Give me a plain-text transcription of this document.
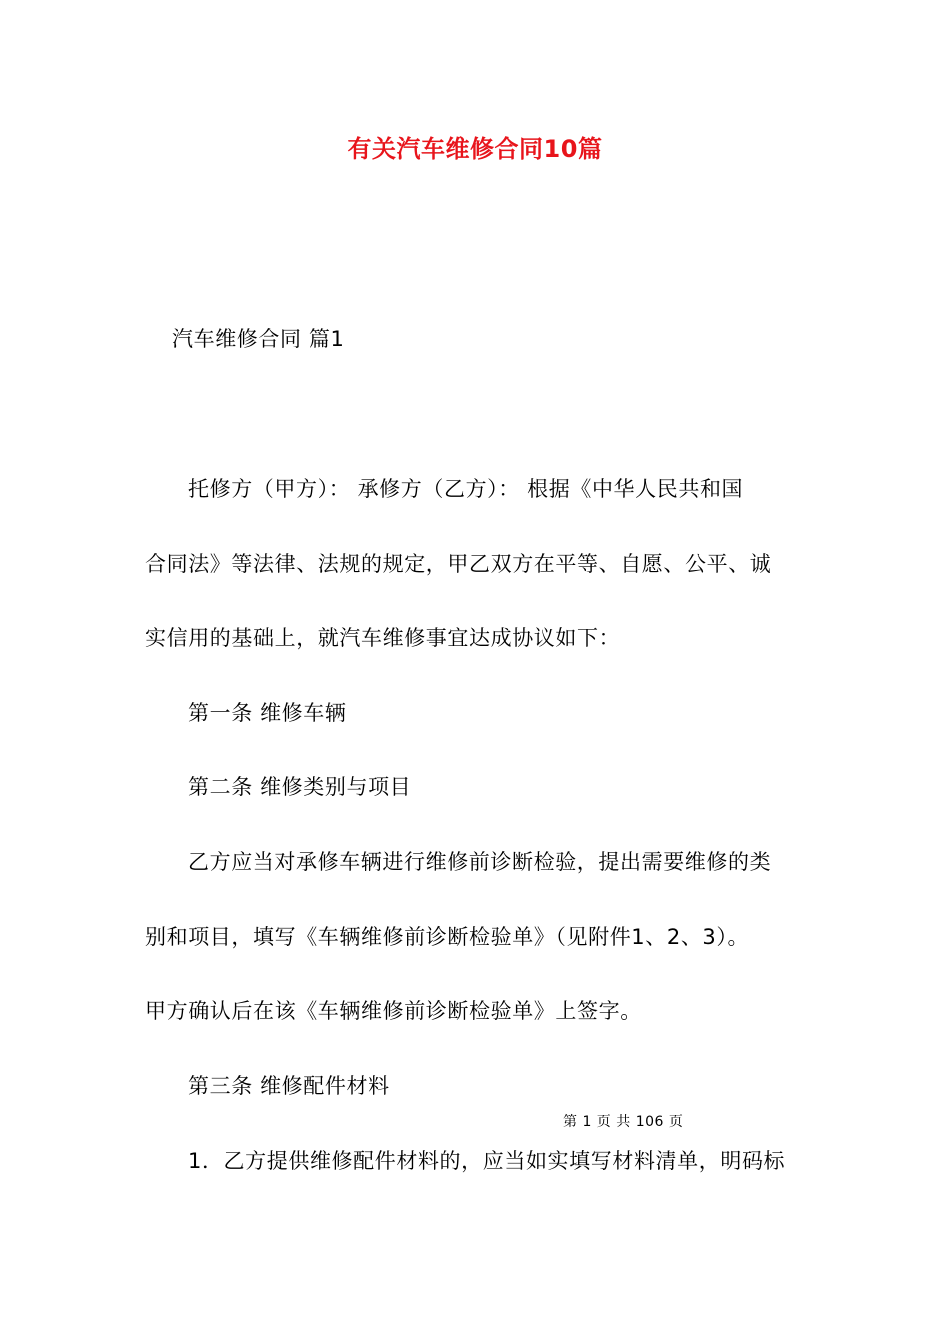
有关汽车维修合同10篇
汽车维修合同 篇1
托修方（甲方）： 承修方（乙方）： 根据《中华人民共和国
合同法》等法律、法规的规定，甲乙双方在平等、自愿、公平、诚
实信用的基础上，就汽车维修事宜达成协议如下：
第一条 维修车辆
第二条 维修类别与项目
乙方应当对承修车辆进行维修前诊断检验，提出需要维修的类
别和项目，填写《车辆维修前诊断检验单》（见附件1、2、3）。
甲方确认后在该《车辆维修前诊断检验单》上签字。
第三条 维修配件材料
第 1 页 共 106 页
1．乙方提供维修配件材料的，应当如实填写材料清单，明码标
